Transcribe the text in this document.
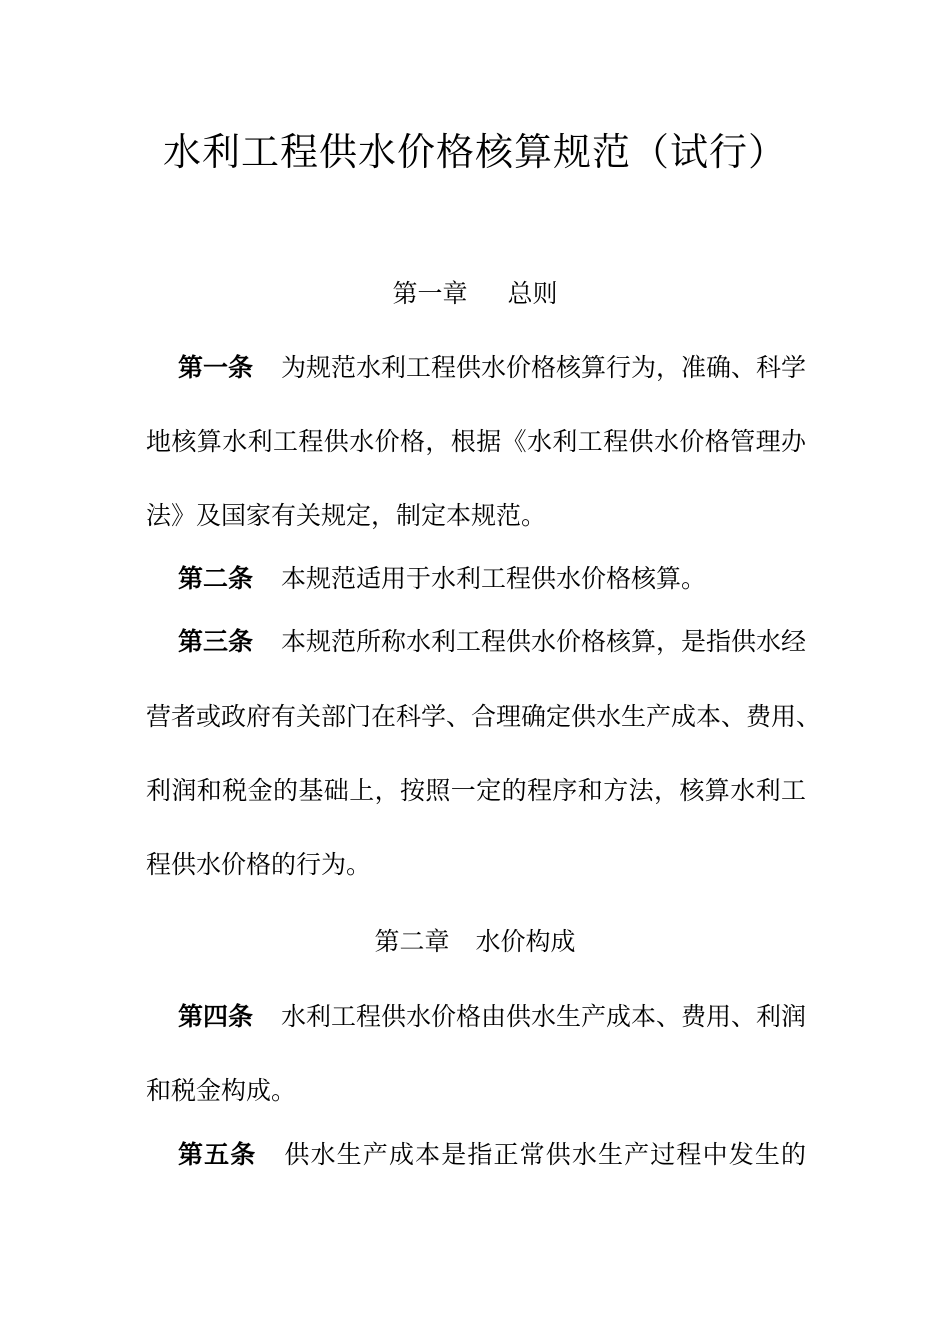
水利工程供水价格核算规范（试行）
第一章 总则
第一条 为规范水利工程供水价格核算行为，准确、科学
地核算水利工程供水价格，根据《水利工程供水价格管理办
法》及国家有关规定，制定本规范。
第二条 本规范适用于水利工程供水价格核算。
第三条 本规范所称水利工程供水价格核算，是指供水经
营者或政府有关部门在科学、合理确定供水生产成本、费用、
利润和税金的基础上，按照一定的程序和方法，核算水利工
程供水价格的行为。
第二章 水价构成
第四条 水利工程供水价格由供水生产成本、费用、利润
和税金构成。
第五条 供水生产成本是指正常供水生产过程中发生的
